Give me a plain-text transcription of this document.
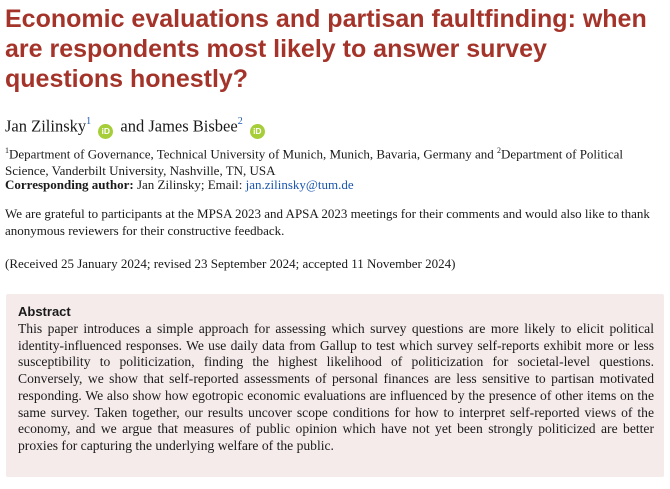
Economic evaluations and partisan faultfinding: when are respondents most likely to answer survey questions honestly?
Jan Zilinsky$^1$ iD and James Bisbee$^2$ iD

$^1$Department of Governance, Technical University of Munich, Munich, Bavaria, Germany and $^2$Department of Political Science, Vanderbilt University, Nashville, TN, USA

Corresponding author: Jan Zilinsky; Email: jan.zilinsky@tum.de

We are grateful to participants at the MPSA 2023 and APSA 2023 meetings for their comments and would also like to thank anonymous reviewers for their constructive feedback.

(Received 25 January 2024; revised 23 September 2024; accepted 11 November 2024)

Abstract

This paper introduces a simple approach for assessing which survey questions are more likely to elicit political identity-influenced responses. We use daily data from Gallup to test which survey self-reports exhibit more or less susceptibility to politicization, finding the highest likelihood of politicization for societal-level questions. Conversely, we show that self-reported assessments of personal finances are less sensitive to partisan motivated responding. We also show how egotropic economic evaluations are influenced by the presence of other items on the same survey. Taken together, our results uncover scope conditions for how to interpret self-reported views of the economy, and we argue that measures of public opinion which have not yet been strongly politicized are better proxies for capturing the underlying welfare of the public.
